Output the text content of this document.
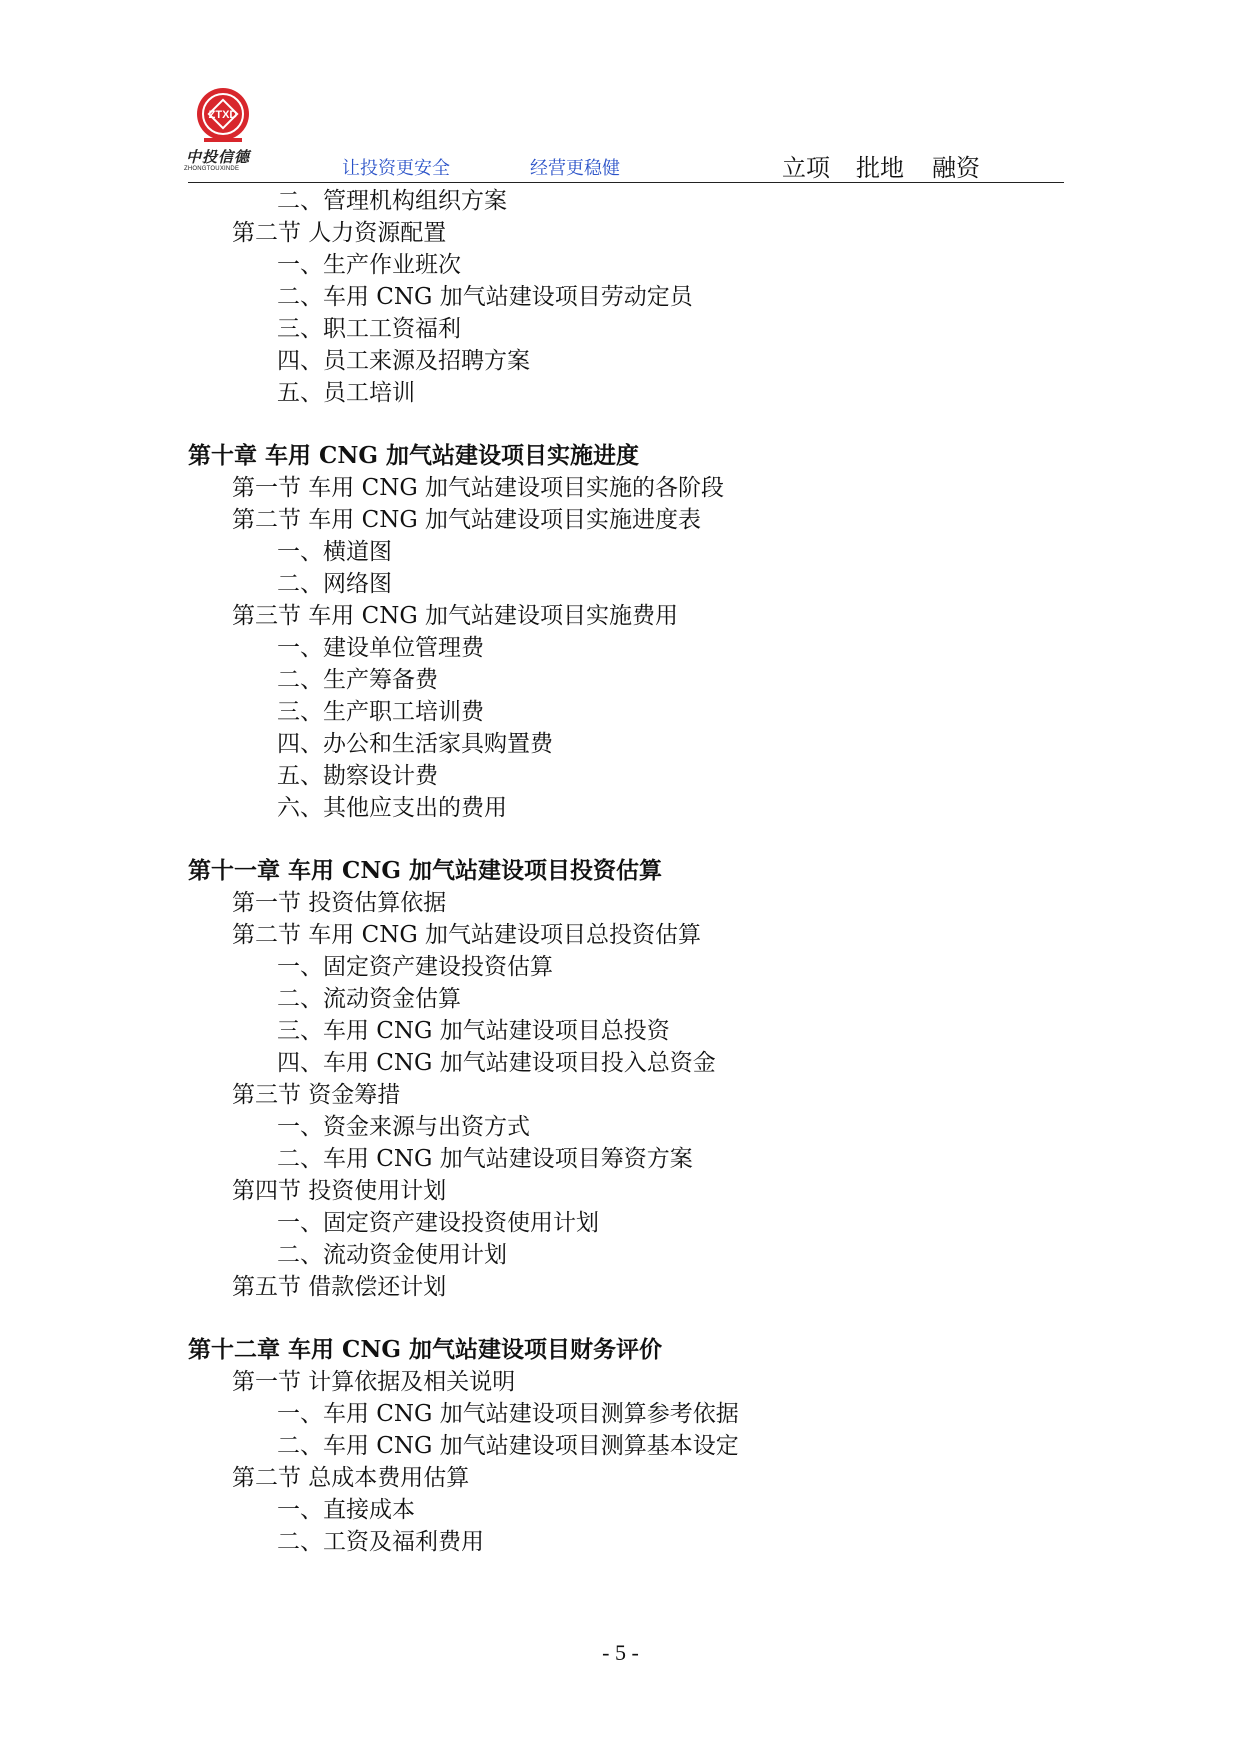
ZTXD
中投信德
ZHONGTOUXINDE	让投资更安全	经营更稳健	立项 批地 融资
二、管理机构组织方案
第二节 人力资源配置
一、生产作业班次
二、车用 CNG 加气站建设项目劳动定员
三、职工工资福利
四、员工来源及招聘方案
五、员工培训
第十章 车用 CNG 加气站建设项目实施进度
第一节 车用 CNG 加气站建设项目实施的各阶段
第二节 车用 CNG 加气站建设项目实施进度表
一、横道图
二、网络图
第三节 车用 CNG 加气站建设项目实施费用
一、建设单位管理费
二、生产筹备费
三、生产职工培训费
四、办公和生活家具购置费
五、勘察设计费
六、其他应支出的费用
第十一章 车用 CNG 加气站建设项目投资估算
第一节 投资估算依据
第二节 车用 CNG 加气站建设项目总投资估算
一、固定资产建设投资估算
二、流动资金估算
三、车用 CNG 加气站建设项目总投资
四、车用 CNG 加气站建设项目投入总资金
第三节 资金筹措
一、资金来源与出资方式
二、车用 CNG 加气站建设项目筹资方案
第四节 投资使用计划
一、固定资产建设投资使用计划
二、流动资金使用计划
第五节 借款偿还计划
第十二章 车用 CNG 加气站建设项目财务评价
第一节 计算依据及相关说明
一、车用 CNG 加气站建设项目测算参考依据
二、车用 CNG 加气站建设项目测算基本设定
第二节 总成本费用估算
一、直接成本
二、工资及福利费用
- 5 -
